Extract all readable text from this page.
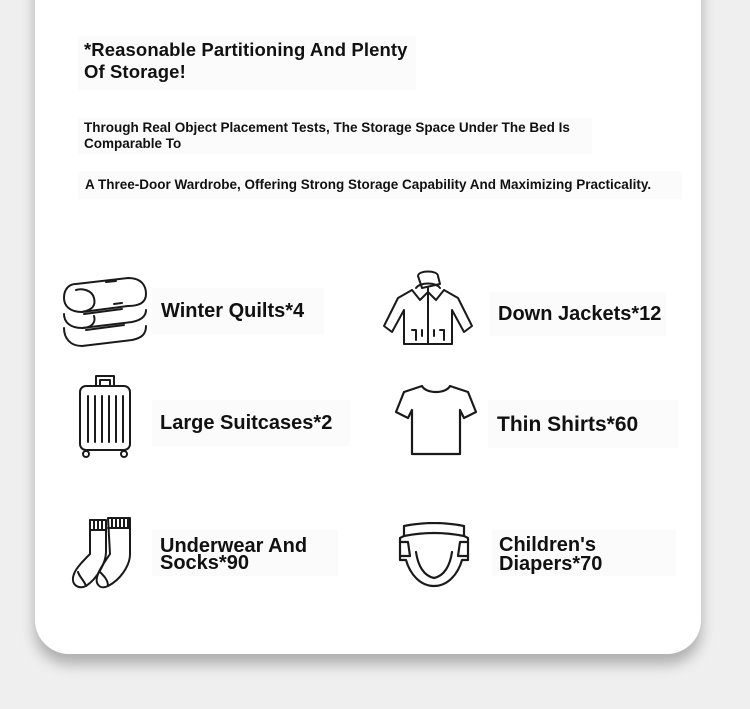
*Reasonable Partitioning And Plenty Of Storage!
Through Real Object Placement Tests, The Storage Space Under The Bed Is Comparable To
A Three-Door Wardrobe, Offering Strong Storage Capability And Maximizing Practicality.
Winter Quilts*4	Down Jackets*12
Large Suitcases*2	Thin Shirts*60
Underwear And Socks*90
Children's Diapers*70
